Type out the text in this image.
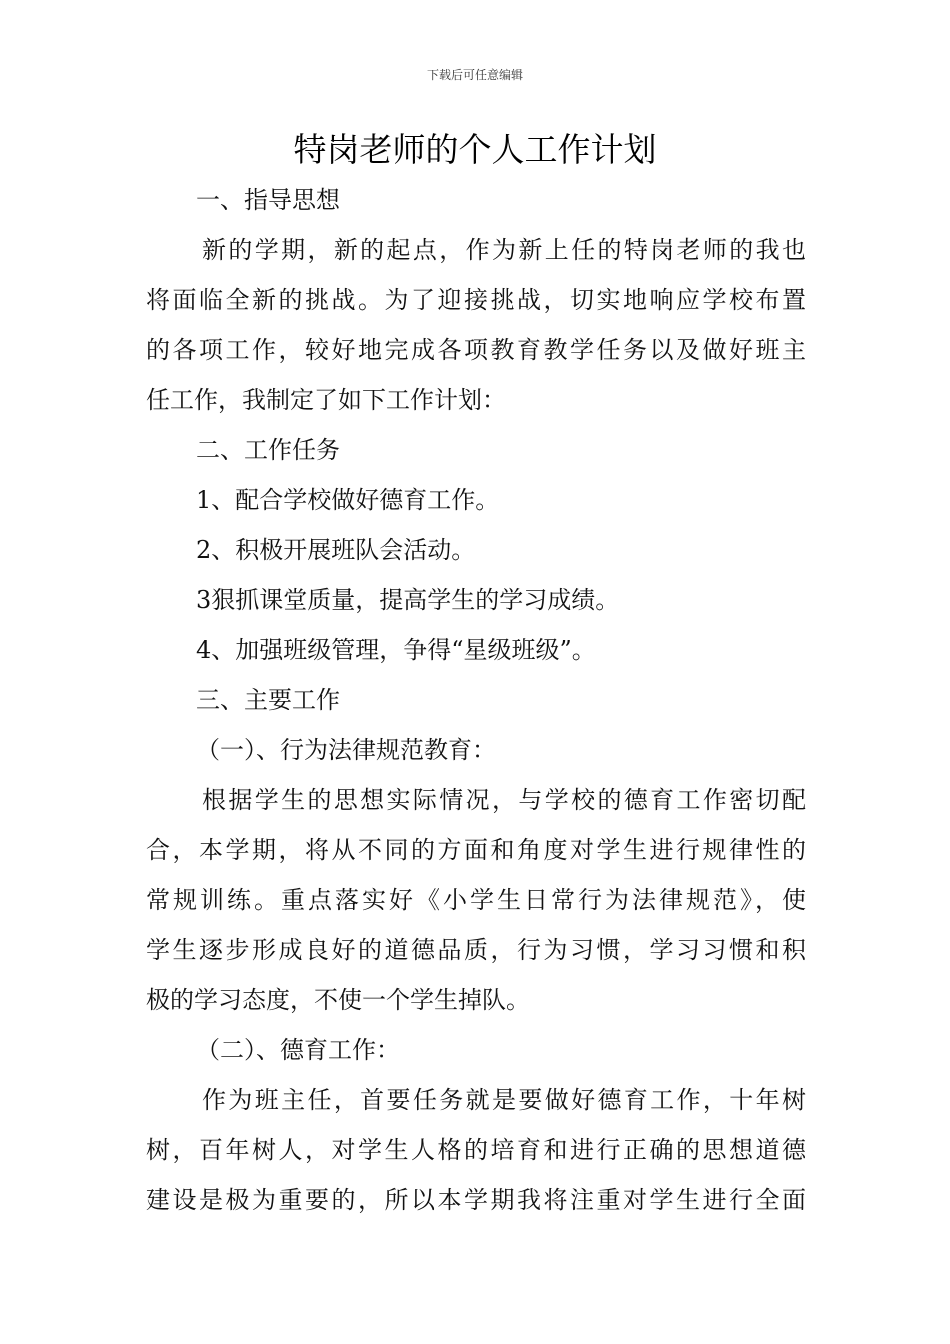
下载后可任意编辑
特岗老师的个人工作计划

一、指导思想

新的学期，新的起点，作为新上任的特岗老师的我也

将面临全新的挑战。为了迎接挑战，切实地响应学校布置

的各项工作，较好地完成各项教育教学任务以及做好班主

任工作，我制定了如下工作计划：

二、工作任务

1、配合学校做好德育工作。

2、积极开展班队会活动。

3狠抓课堂质量，提高学生的学习成绩。

4、加强班级管理，争得“星级班级”。

三、主要工作

（一）、行为法律规范教育：

根据学生的思想实际情况，与学校的德育工作密切配

合，本学期，将从不同的方面和角度对学生进行规律性的

常规训练。重点落实好《小学生日常行为法律规范》，使

学生逐步形成良好的道德品质，行为习惯，学习习惯和积

极的学习态度，不使一个学生掉队。

（二）、德育工作：

作为班主任，首要任务就是要做好德育工作，十年树

树，百年树人，对学生人格的培育和进行正确的思想道德

建设是极为重要的，所以本学期我将注重对学生进行全面
